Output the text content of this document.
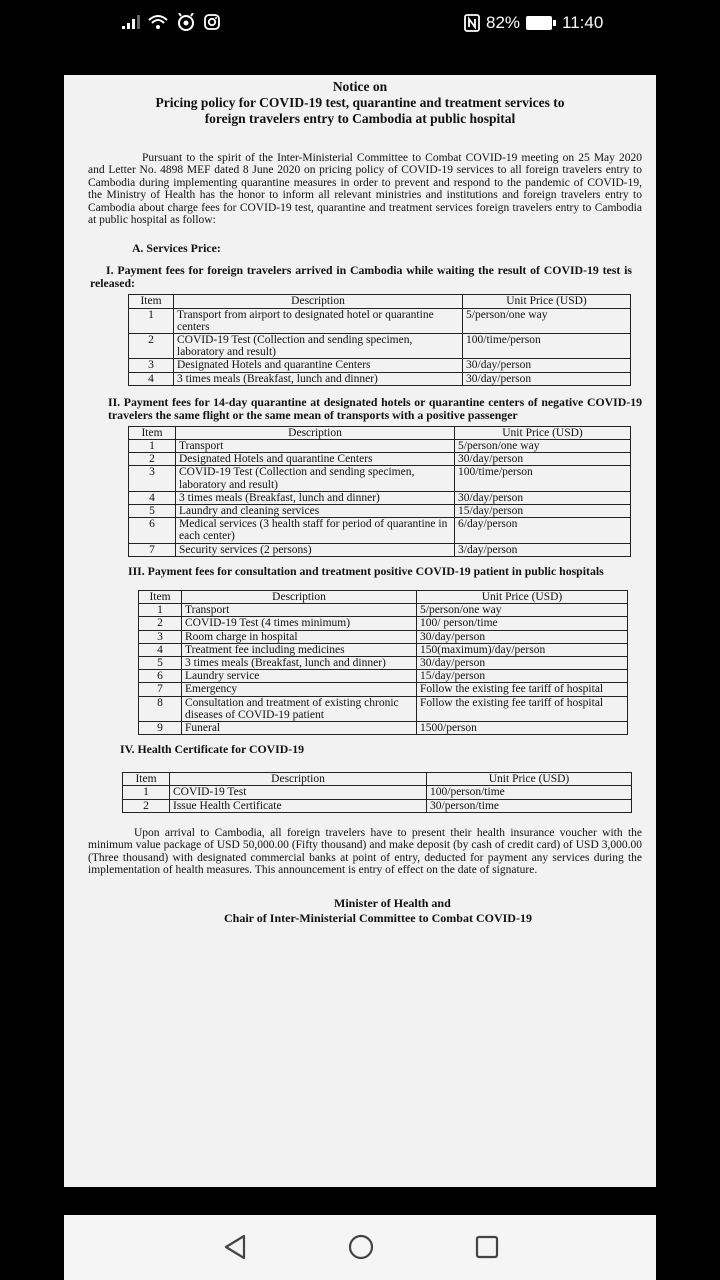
82% 11:40
Notice on
Pricing policy for COVID-19 test, quarantine and treatment services to
foreign travelers entry to Cambodia at public hospital

Pursuant to the spirit of the Inter-Ministerial Committee to Combat COVID-19 meeting on 25 May 2020 and Letter No. 4898 MEF dated 8 June 2020 on pricing policy of COVID-19 services to all foreign travelers entry to Cambodia during implementing quarantine measures in order to prevent and respond to the pandemic of COVID-19, the Ministry of Health has the honor to inform all relevant ministries and institutions and foreign travelers entry to Cambodia about charge fees for COVID-19 test, quarantine and treatment services foreign travelers entry to Cambodia at public hospital as follow:

A. Services Price:

I. Payment fees for foreign travelers arrived in Cambodia while waiting the result of COVID-19 test is released:

Item	Description	Unit Price (USD)
1	Transport from airport to designated hotel or quarantine centers	5/person/one way
2	COVID-19 Test (Collection and sending specimen, laboratory and result)	100/time/person
3	Designated Hotels and quarantine Centers	30/day/person
4	3 times meals (Breakfast, lunch and dinner)	30/day/person

II. Payment fees for 14-day quarantine at designated hotels or quarantine centers of negative COVID-19 travelers the same flight or the same mean of transports with a positive passenger

Item	Description	Unit Price (USD)
1	Transport	5/person/one way
2	Designated Hotels and quarantine Centers	30/day/person
3	COVID-19 Test (Collection and sending specimen, laboratory and result)	100/time/person
4	3 times meals (Breakfast, lunch and dinner)	30/day/person
5	Laundry and cleaning services	15/day/person
6	Medical services (3 health staff for period of quarantine in each center)	6/day/person
7	Security services (2 persons)	3/day/person

III. Payment fees for consultation and treatment positive COVID-19 patient in public hospitals

Item	Description	Unit Price (USD)
1	Transport	5/person/one way
2	COVID-19 Test (4 times minimum)	100/ person/time
3	Room charge in hospital	30/day/person
4	Treatment fee including medicines	150(maximum)/day/person
5	3 times meals (Breakfast, lunch and dinner)	30/day/person
6	Laundry service	15/day/person
7	Emergency	Follow the existing fee tariff of hospital
8	Consultation and treatment of existing chronic diseases of COVID-19 patient	Follow the existing fee tariff of hospital
9	Funeral	1500/person

IV. Health Certificate for COVID-19

Item	Description	Unit Price (USD)
1	COVID-19 Test	100/person/time
2	Issue Health Certificate	30/person/time

Upon arrival to Cambodia, all foreign travelers have to present their health insurance voucher with the minimum value package of USD 50,000.00 (Fifty thousand) and make deposit (by cash of credit card) of USD 3,000.00 (Three thousand) with designated commercial banks at point of entry, deducted for payment any services during the implementation of health measures. This announcement is entry of effect on the date of signature.

Minister of Health and
Chair of Inter-Ministerial Committee to Combat COVID-19
